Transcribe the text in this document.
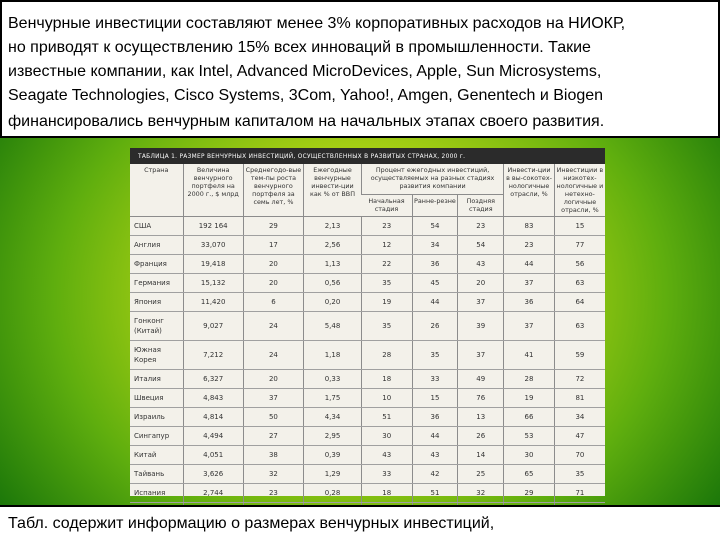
Венчурные инвестиции составляют менее 3% корпоративных расходов на НИОКР,
но приводят к осуществлению 15% всех инноваций в промышленности. Такие
известные компании, как Intel, Advanced MicroDevices, Apple, Sun Microsystems,
Seagate Technologies, Cisco Systems, 3Com, Yahoo!, Amgen, Genentech и Biogen
финансировались венчурным капиталом на начальных этапах своего развития.
ТАБЛИЦА 1. РАЗМЕР ВЕНЧУРНЫХ ИНВЕСТИЦИЙ, ОСУЩЕСТВЛЕННЫХ В РАЗВИТЫХ СТРАНАХ, 2000 г.
Страна	Величина венчурного портфеля на 2000 г., $ млрд	Среднегодо-вые тем-пы роста венчурного портфеля за семь лет, %	Ежегодные венчурные инвести-ции как % от ВВП	Процент ежегодных инвестиций, осуществляемых на разных стадиях развития компании			Инвести-ции в вы-сокотех-нологичные отрасли, %	Инвестиции в низкотех-нологичные и нетехно-логичные отрасли, %
				Начальная стадия	Ранне-резне	Поздняя стадия		
США	192 164	29	2,13	23	54	23	83	15
Англия	33,070	17	2,56	12	34	54	23	77
Франция	19,418	20	1,13	22	36	43	44	56
Германия	15,132	20	0,56	35	45	20	37	63
Япония	11,420	6	0,20	19	44	37	36	64
Гонконг (Китай)	9,027	24	5,48	35	26	39	37	63
Южная Корея	7,212	24	1,18	28	35	37	41	59
Италия	6,327	20	0,33	18	33	49	28	72
Швеция	4,843	37	1,75	10	15	76	19	81
Израиль	4,814	50	4,34	51	36	13	66	34
Сингапур	4,494	27	2,95	30	44	26	53	47
Китай	4,051	38	0,39	43	43	14	30	70
Тайвань	3,626	32	1,29	33	42	25	65	35
Испания	2,744	23	0,28	18	51	32	29	71

Табл. содержит информацию о размерах венчурных инвестиций,
